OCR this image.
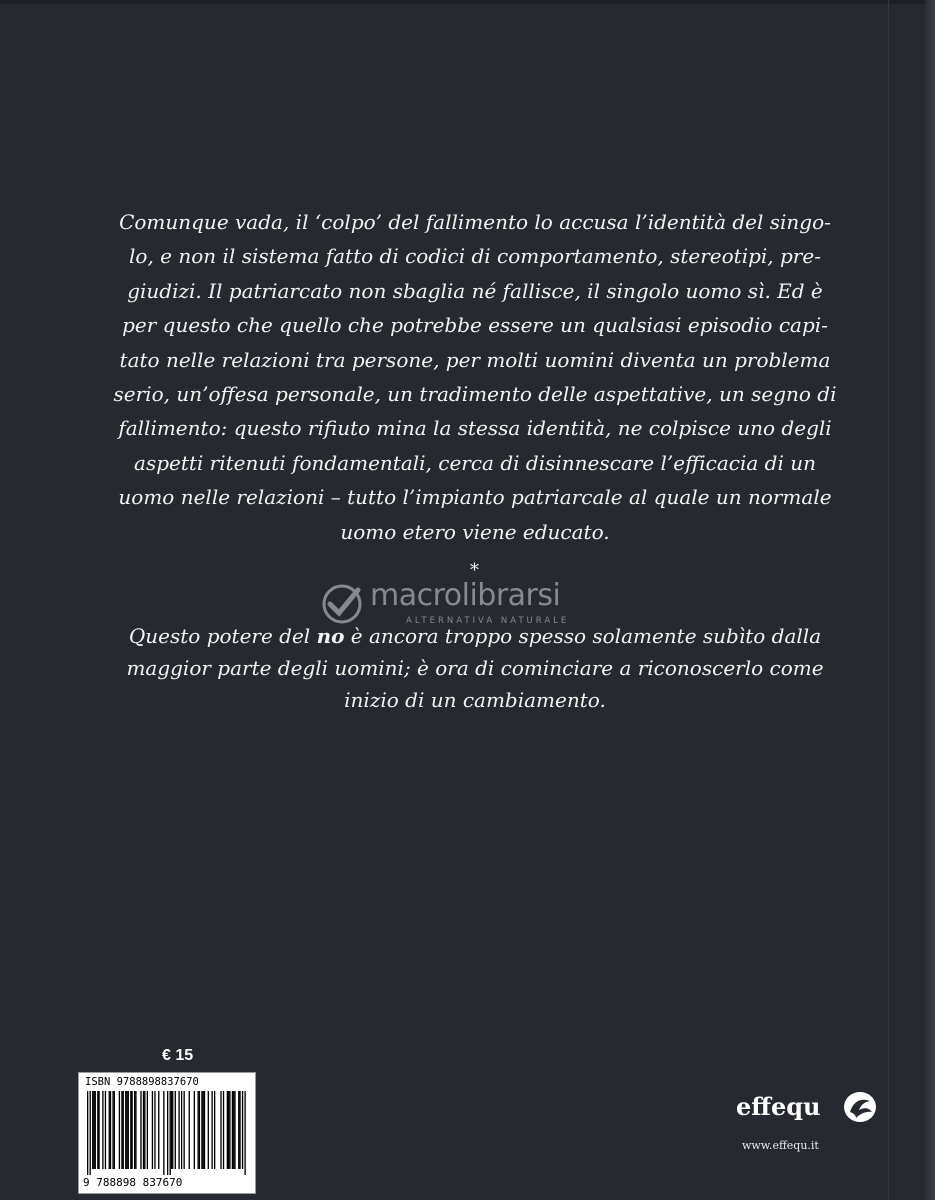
Comunque vada, il ‘colpo’ del fallimento lo accusa l’identità del singo-
lo, e non il sistema fatto di codici di comportamento, stereotipi, pre-
giudizi. Il patriarcato non sbaglia né fallisce, il singolo uomo sì. Ed è
per questo che quello che potrebbe essere un qualsiasi episodio capi-
tato nelle relazioni tra persone, per molti uomini diventa un problema
serio, un’offesa personale, un tradimento delle aspettative, un segno di
fallimento: questo rifiuto mina la stessa identità, ne colpisce uno degli
aspetti ritenuti fondamentali, cerca di disinnescare l’efficacia di un
uomo nelle relazioni – tutto l’impianto patriarcale al quale un normale
uomo etero viene educato.
*
macrolibrarsi
ALTERNATIVA NATURALE
Questo potere del no è ancora troppo spesso solamente subìto dalla
maggior parte degli uomini; è ora di cominciare a riconoscerlo come
inizio di un cambiamento.
€ 15
ISBN 9788898837670
9 788898 837670
effequ
www.effequ.it
